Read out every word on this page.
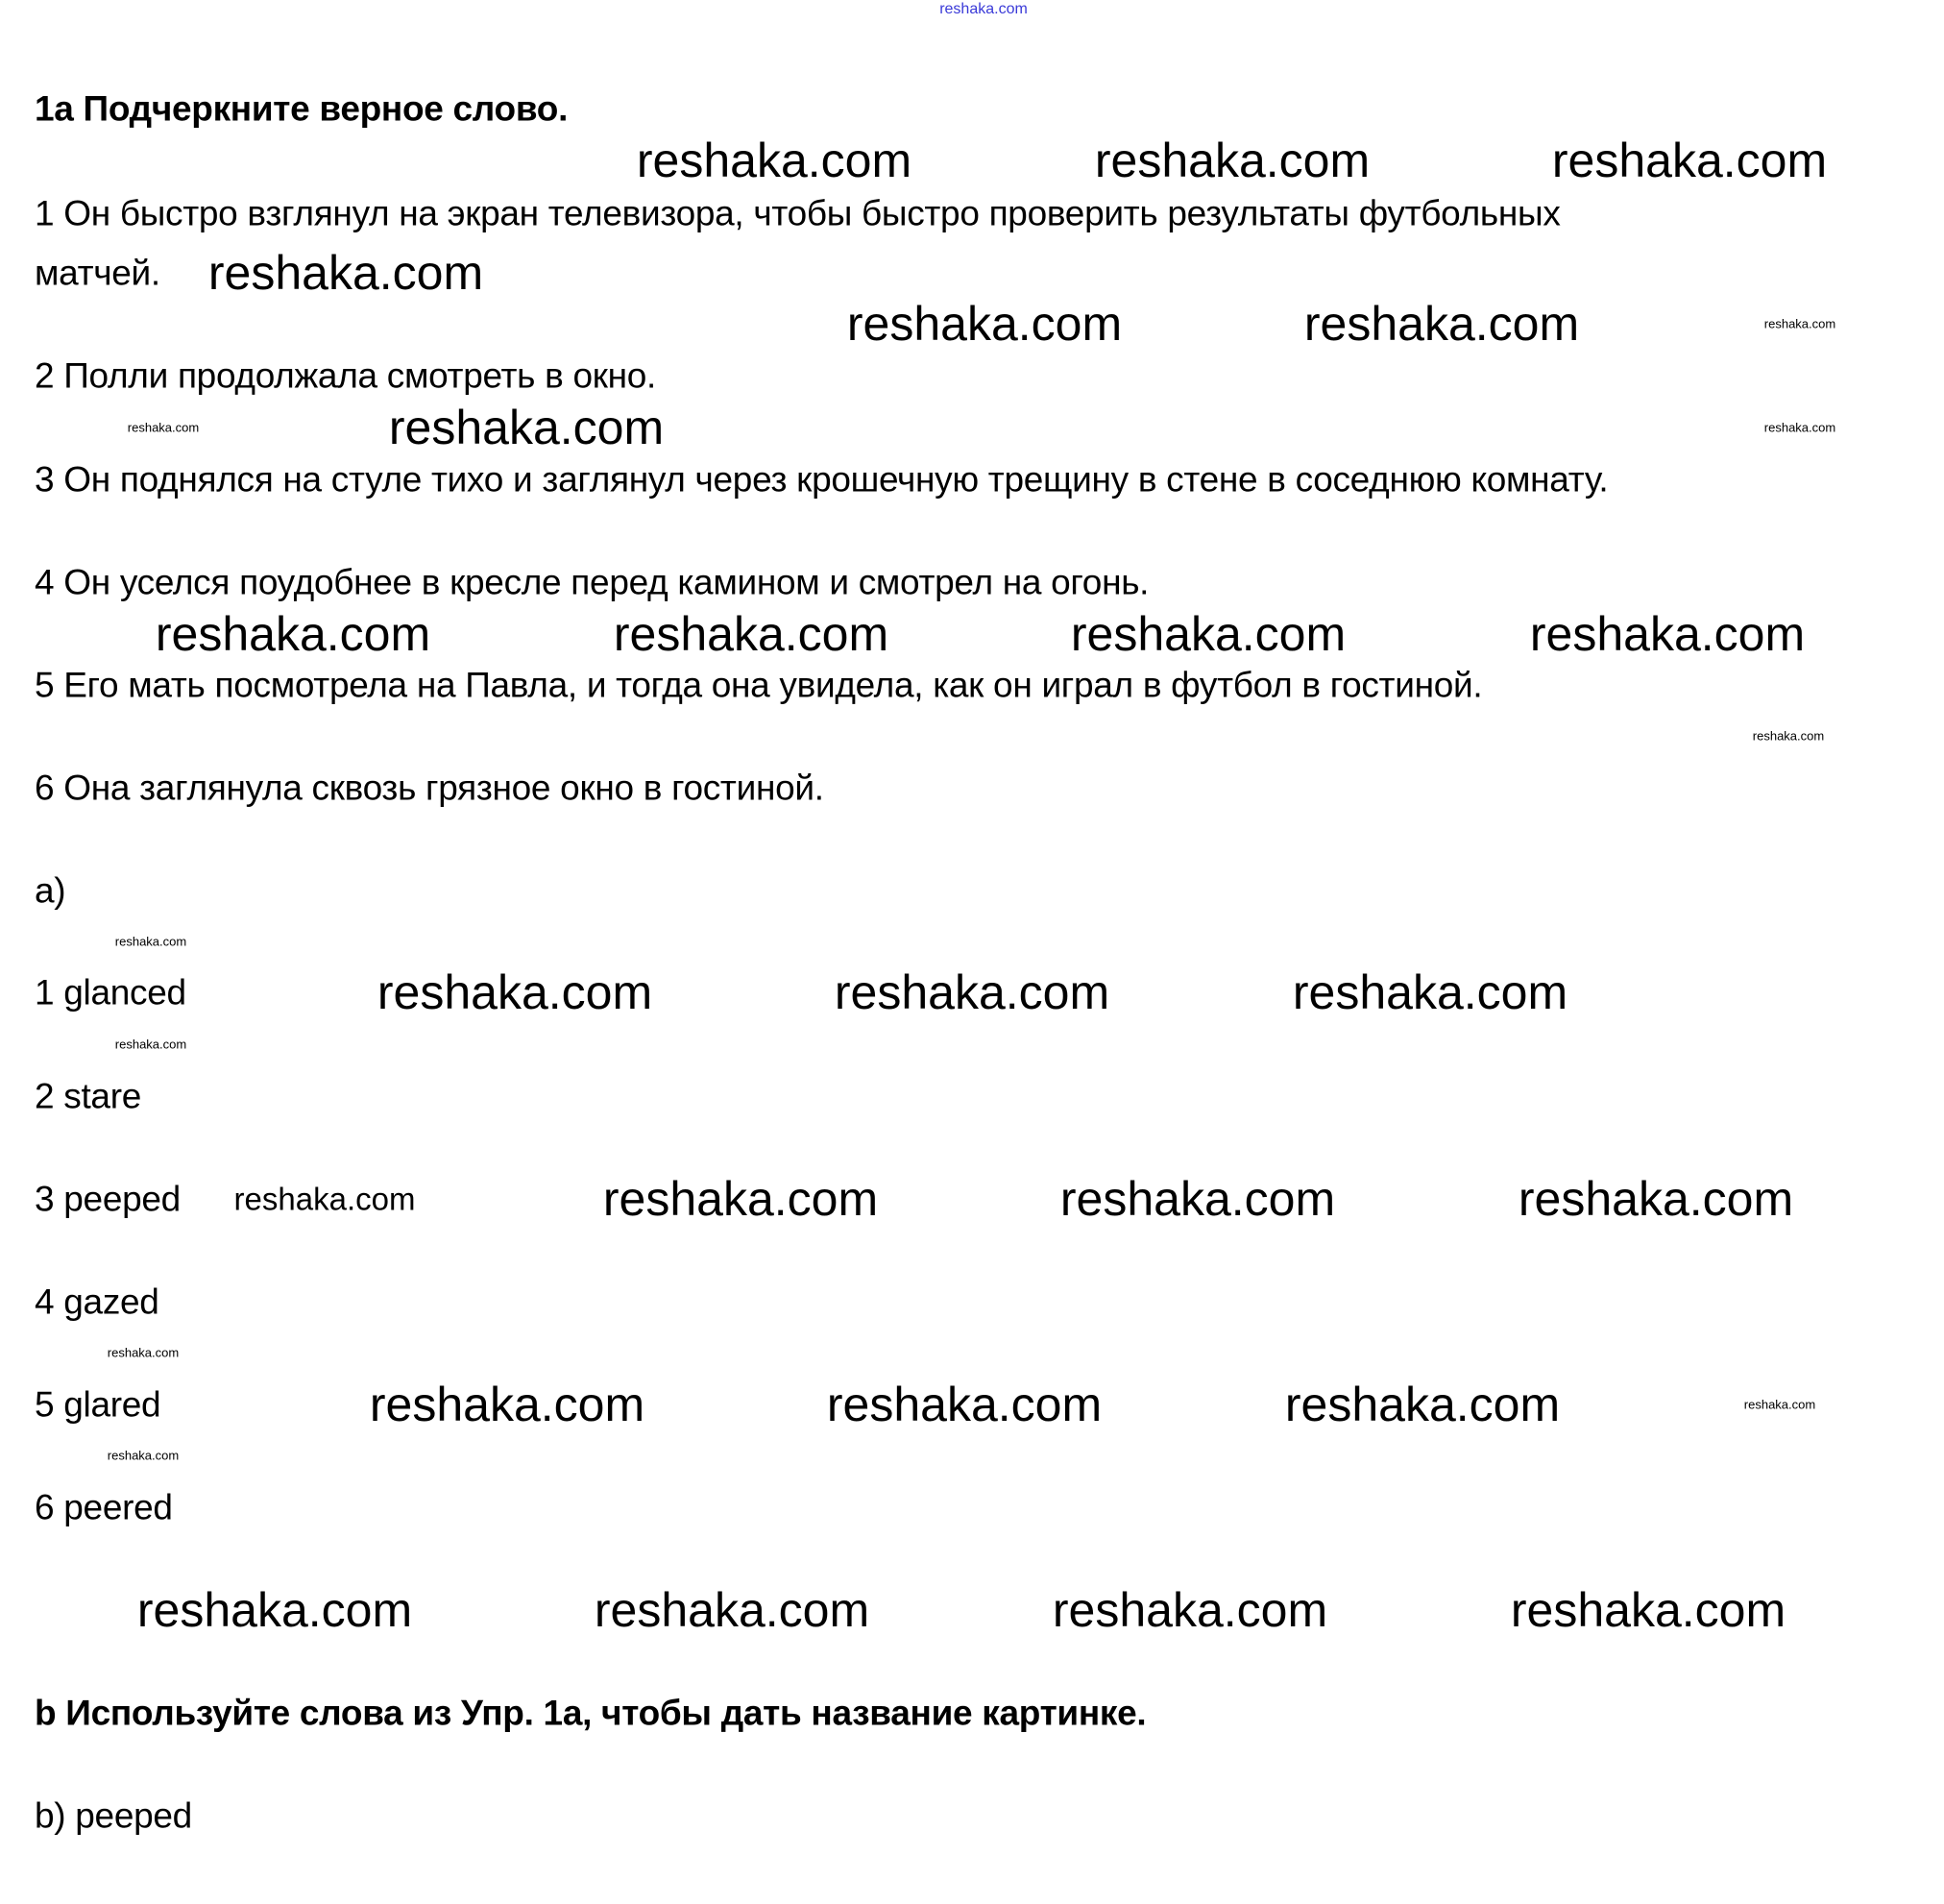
1a Подчеркните верное слово.
1 Он быстро взглянул на экран телевизора, чтобы быстро проверить результаты футбольных
матчей.
2 Полли продолжала смотреть в окно.
3 Он поднялся на стуле тихо и заглянул через крошечную трещину в стене в соседнюю комнату.
4 Он уселся поудобнее в кресле перед камином и смотрел на огонь.
5 Его мать посмотрела на Павла, и тогда она увидела, как он играл в футбол в гостиной.
6 Она заглянула сквозь грязное окно в гостиной.
a)
1 glanced
2 stare
3 peeped
4 gazed
5 glared
6 peered
b Используйте слова из Упр. 1а, чтобы дать название картинке.
b) peeped
reshaka.com
reshaka.com	reshaka.com	reshaka.com
reshaka.com
reshaka.com	reshaka.com
reshaka.com
reshaka.com	reshaka.com	reshaka.com	reshaka.com
reshaka.com	reshaka.com	reshaka.com
reshaka.com	reshaka.com	reshaka.com
reshaka.com	reshaka.com	reshaka.com
reshaka.com	reshaka.com	reshaka.com	reshaka.com
reshaka.com
reshaka.com
reshaka.com
reshaka.com
reshaka.com
reshaka.com
reshaka.com
reshaka.com
reshaka.com
reshaka.com
